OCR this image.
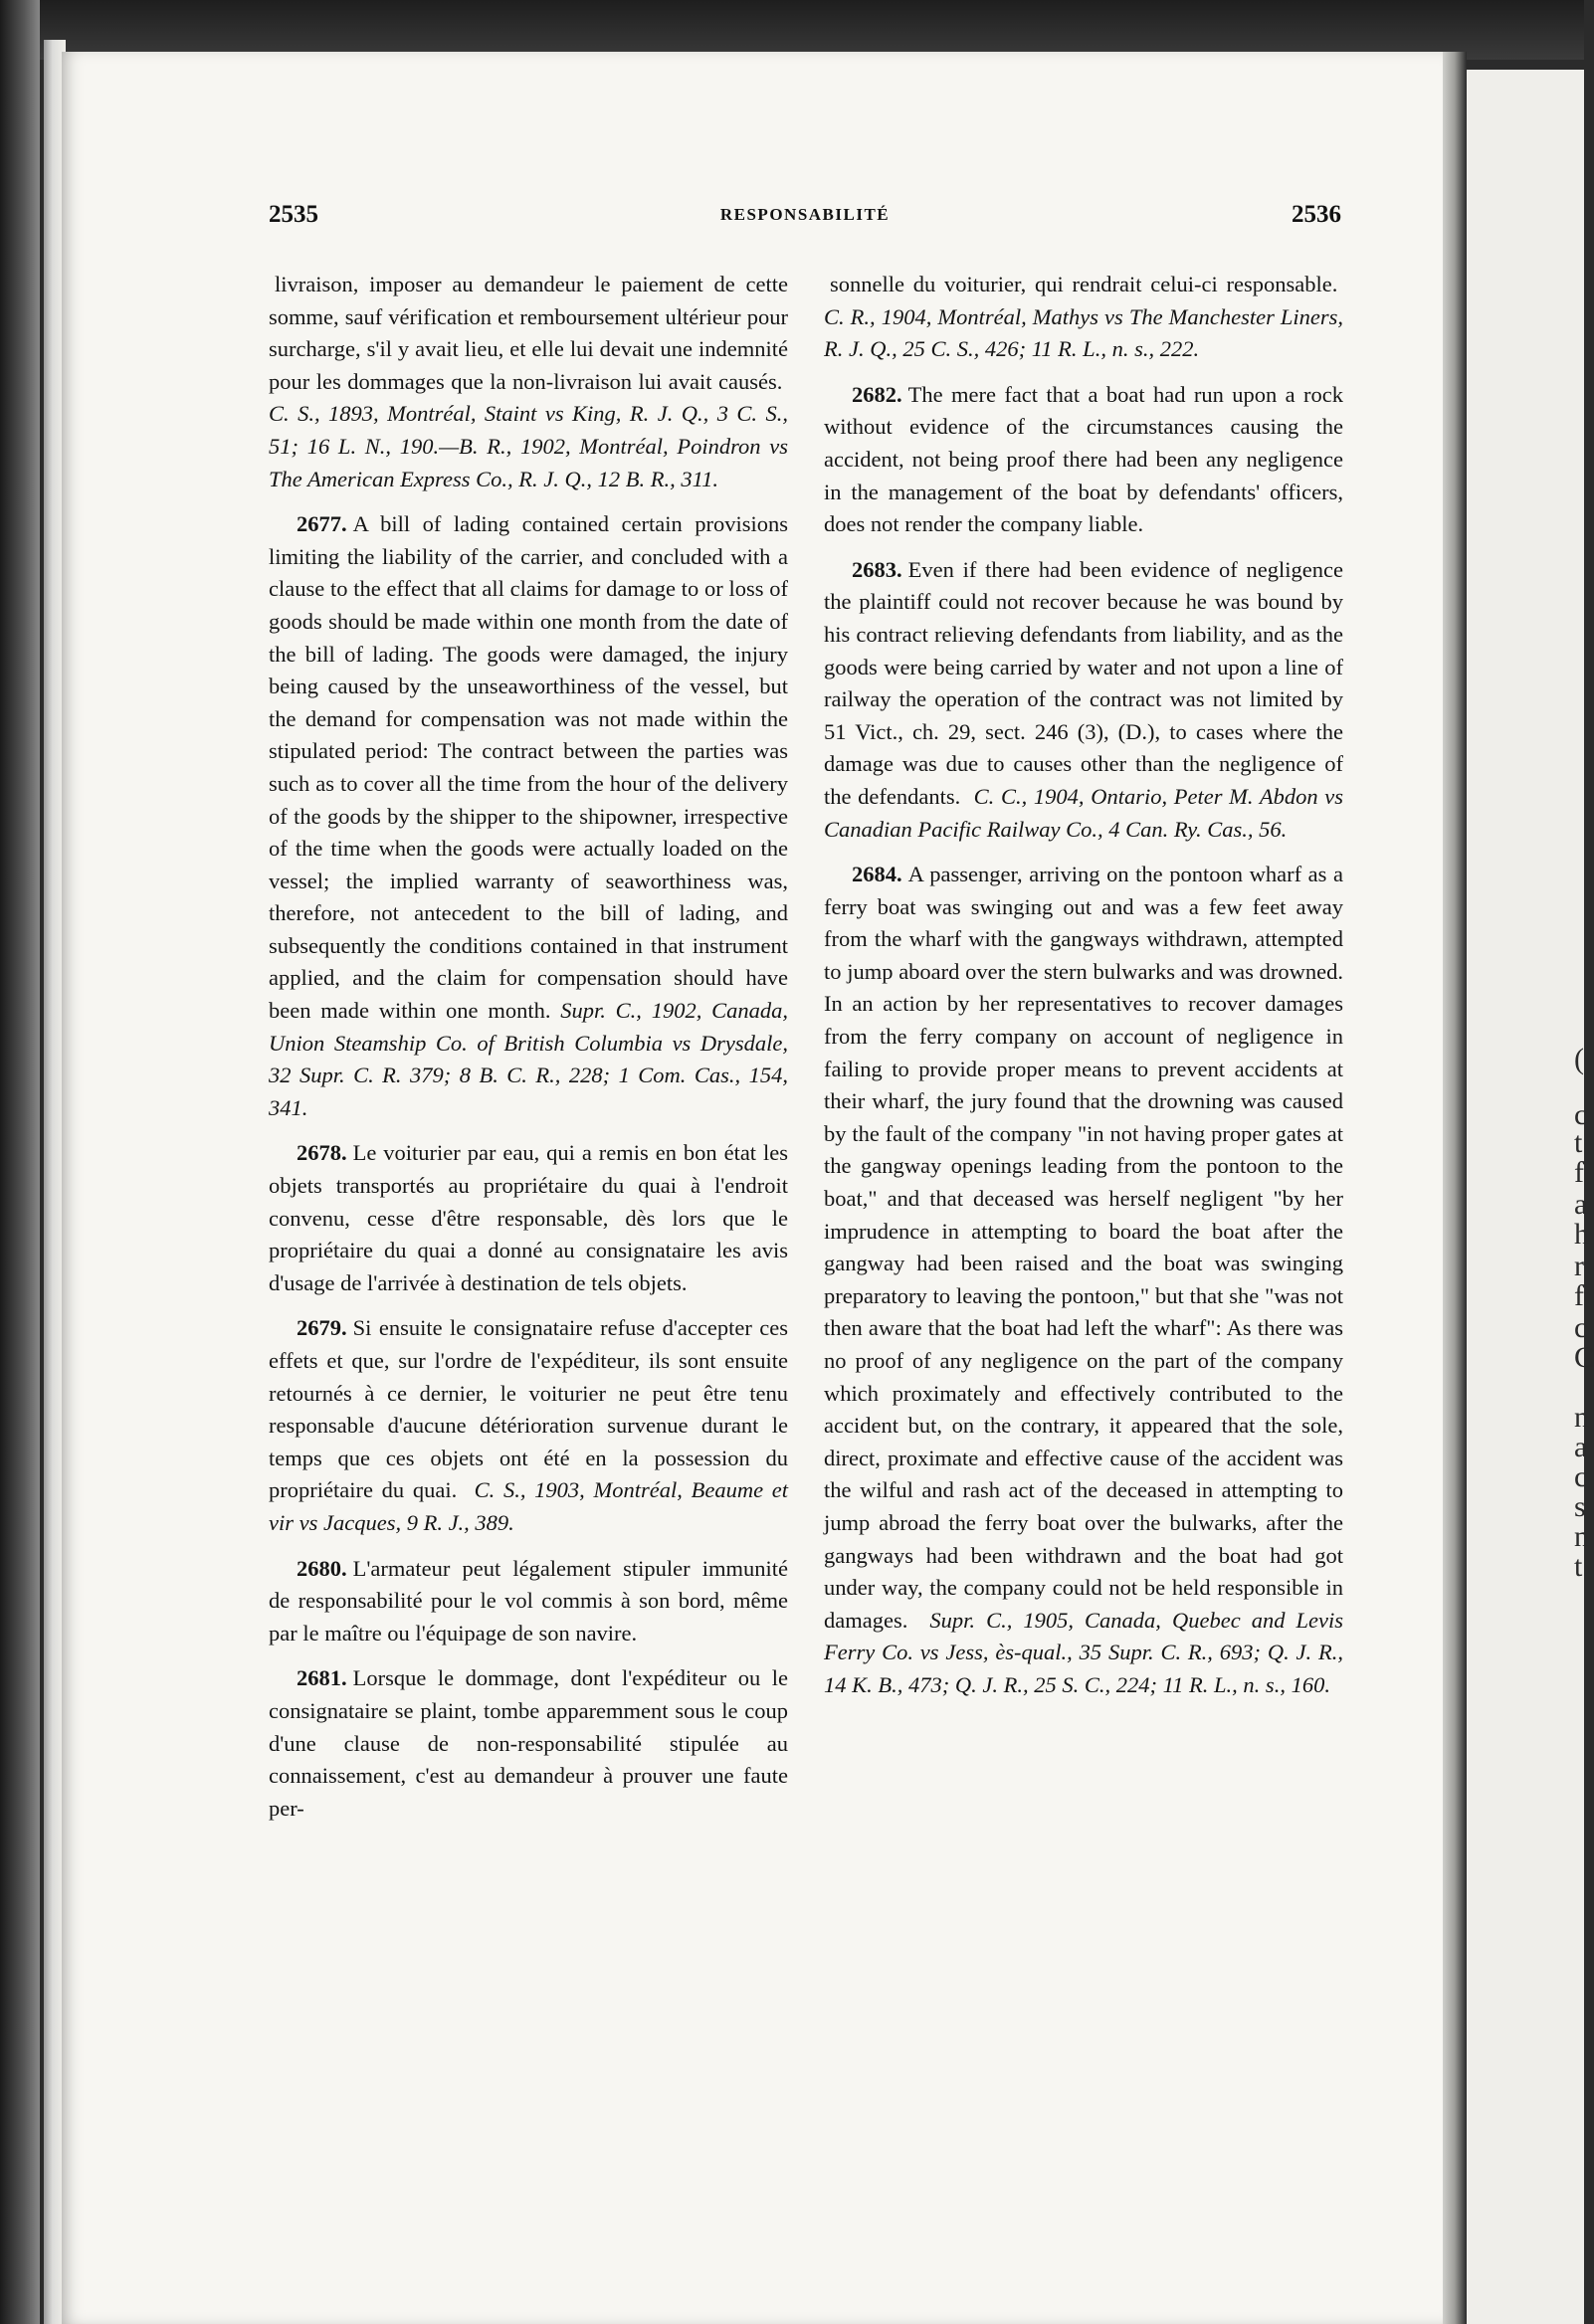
(
c
t
f
a
h
r
f
c
C
n
a
c
s
n
t
2535	RESPONSABILITÉ	2536

livraison, imposer au demandeur le paiement de cette somme, sauf vérification et remboursement ultérieur pour surcharge, s'il y avait lieu, et elle lui devait une indemnité pour les dommages que la non-livraison lui avait causés.  C. S., 1893, Montréal, Staint vs King, R. J. Q., 3 C. S., 51; 16 L. N., 190.—B. R., 1902, Montréal, Poindron vs The American Express Co., R. J. Q., 12 B. R., 311.

2677. A bill of lading contained certain provisions limiting the liability of the carrier, and concluded with a clause to the effect that all claims for damage to or loss of goods should be made within one month from the date of the bill of lading. The goods were damaged, the injury being caused by the unseaworthiness of the vessel, but the demand for compensation was not made within the stipulated period: The contract between the parties was such as to cover all the time from the hour of the delivery of the goods by the shipper to the shipowner, irrespective of the time when the goods were actually loaded on the vessel; the implied warranty of seaworthiness was, therefore, not antecedent to the bill of lading, and subsequently the conditions contained in that instrument applied, and the claim for compensation should have been made within one month. Supr. C., 1902, Canada, Union Steamship Co. of British Columbia vs Drysdale, 32 Supr. C. R. 379; 8 B. C. R., 228; 1 Com. Cas., 154, 341.

2678. Le voiturier par eau, qui a remis en bon état les objets transportés au propriétaire du quai à l'endroit convenu, cesse d'être responsable, dès lors que le propriétaire du quai a donné au consignataire les avis d'usage de l'arrivée à destination de tels objets.

2679. Si ensuite le consignataire refuse d'accepter ces effets et que, sur l'ordre de l'expéditeur, ils sont ensuite retournés à ce dernier, le voiturier ne peut être tenu responsable d'aucune détérioration survenue durant le temps que ces objets ont été en la possession du propriétaire du quai. C. S., 1903, Montréal, Beaume et vir vs Jacques, 9 R. J., 389.

2680. L'armateur peut légalement stipuler immunité de responsabilité pour le vol commis à son bord, même par le maître ou l'équipage de son navire.

2681. Lorsque le dommage, dont l'expéditeur ou le consignataire se plaint, tombe apparemment sous le coup d'une clause de non-responsabilité stipulée au connaissement, c'est au demandeur à prouver une faute per-

sonnelle du voiturier, qui rendrait celui-ci responsable.  C. R., 1904, Montréal, Mathys vs The Manchester Liners, R. J. Q., 25 C. S., 426; 11 R. L., n. s., 222.

2682. The mere fact that a boat had run upon a rock without evidence of the circumstances causing the accident, not being proof there had been any negligence in the management of the boat by defendants' officers, does not render the company liable.

2683. Even if there had been evidence of negligence the plaintiff could not recover because he was bound by his contract relieving defendants from liability, and as the goods were being carried by water and not upon a line of railway the operation of the contract was not limited by 51 Vict., ch. 29, sect. 246 (3), (D.), to cases where the damage was due to causes other than the negligence of the defendants. C. C., 1904, Ontario, Peter M. Abdon vs Canadian Pacific Railway Co., 4 Can. Ry. Cas., 56.

2684. A passenger, arriving on the pontoon wharf as a ferry boat was swinging out and was a few feet away from the wharf with the gangways withdrawn, attempted to jump aboard over the stern bulwarks and was drowned. In an action by her representatives to recover damages from the ferry company on account of negligence in failing to provide proper means to prevent accidents at their wharf, the jury found that the drowning was caused by the fault of the company "in not having proper gates at the gangway openings leading from the pontoon to the boat," and that deceased was herself negligent "by her imprudence in attempting to board the boat after the gangway had been raised and the boat was swinging preparatory to leaving the pontoon," but that she "was not then aware that the boat had left the wharf": As there was no proof of any negligence on the part of the company which proximately and effectively contributed to the accident but, on the contrary, it appeared that the sole, direct, proximate and effective cause of the accident was the wilful and rash act of the deceased in attempting to jump abroad the ferry boat over the bulwarks, after the gangways had been withdrawn and the boat had got under way, the company could not be held responsible in damages. Supr. C., 1905, Canada, Quebec and Levis Ferry Co. vs Jess, ès-qual., 35 Supr. C. R., 693; Q. J. R., 14 K. B., 473; Q. J. R., 25 S. C., 224; 11 R. L., n. s., 160.
